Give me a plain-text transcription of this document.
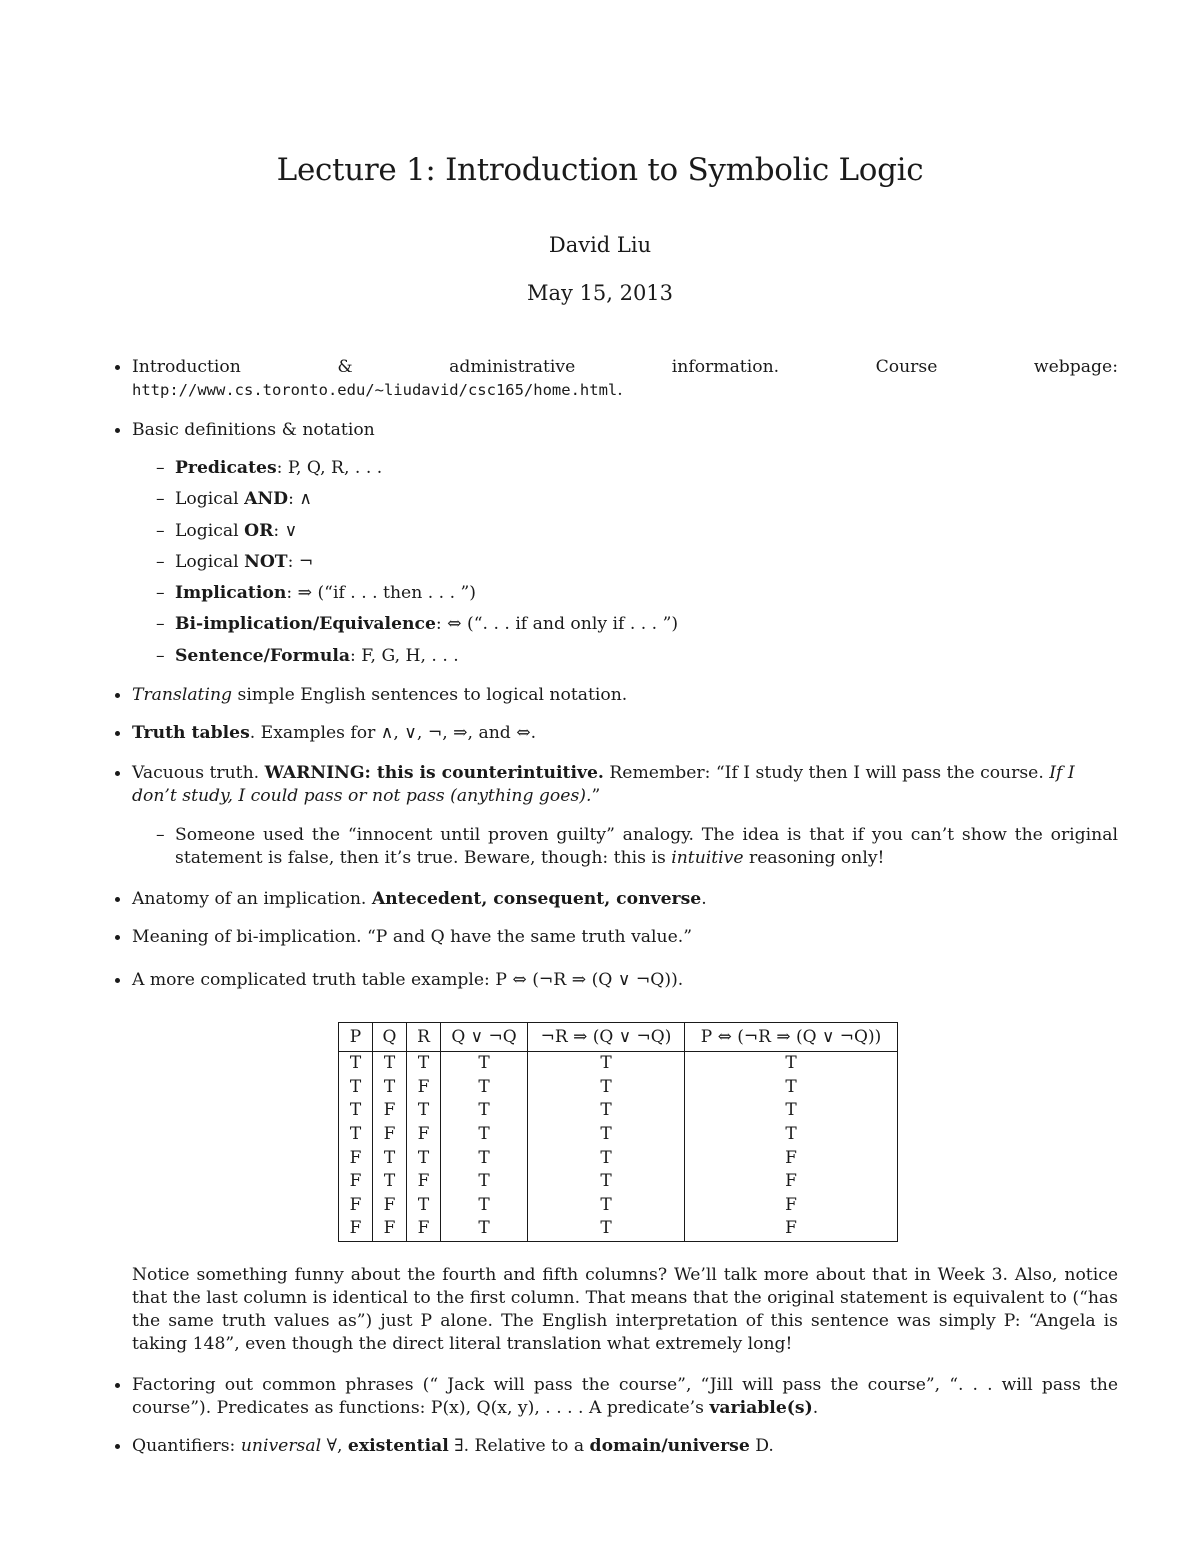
Lecture 1: Introduction to Symbolic Logic
David Liu
May 15, 2013
Introduction & administrative information. Course webpage: http://www.cs.toronto.edu/~liudavid/csc165/home.html.
Basic definitions & notation
– Predicates: P, Q, R, . . .
– Logical AND: ∧
– Logical OR: ∨
– Logical NOT: ¬
– Implication: ⇒ (“if . . . then . . . ”)
– Bi-implication/Equivalence: ⇔ (“. . . if and only if . . . ”)
– Sentence/Formula: F, G, H, . . .
Translating simple English sentences to logical notation.
Truth tables. Examples for ∧, ∨, ¬, ⇒, and ⇔.
Vacuous truth. WARNING: this is counterintuitive. Remember: “If I study then I will pass the course. If I don’t study, I could pass or not pass (anything goes).”
– Someone used the “innocent until proven guilty” analogy. The idea is that if you can’t show the original statement is false, then it’s true. Beware, though: this is intuitive reasoning only!
Anatomy of an implication. Antecedent, consequent, converse.
Meaning of bi-implication. “P and Q have the same truth value.”
A more complicated truth table example: P ⇔ (¬R ⇒ (Q ∨ ¬Q)).
P	Q	R	Q ∨ ¬Q	¬R ⇒ (Q ∨ ¬Q)	P ⇔ (¬R ⇒ (Q ∨ ¬Q))
T	T	T	T	T	T
T	T	F	T	T	T
T	F	T	T	T	T
T	F	F	T	T	T
F	T	T	T	T	F
F	T	F	T	T	F
F	F	T	T	T	F
F	F	F	T	T	F
Notice something funny about the fourth and fifth columns? We’ll talk more about that in Week 3. Also, notice that the last column is identical to the first column. That means that the original statement is equivalent to (“has the same truth values as”) just P alone. The English interpretation of this sentence was simply P: “Angela is taking 148”, even though the direct literal translation what extremely long!
Factoring out common phrases (“ Jack will pass the course”, “Jill will pass the course”, “. . . will pass the course”). Predicates as functions: P(x), Q(x, y), . . . . A predicate’s variable(s).
Quantifiers: universal ∀, existential ∃. Relative to a domain/universe D.
